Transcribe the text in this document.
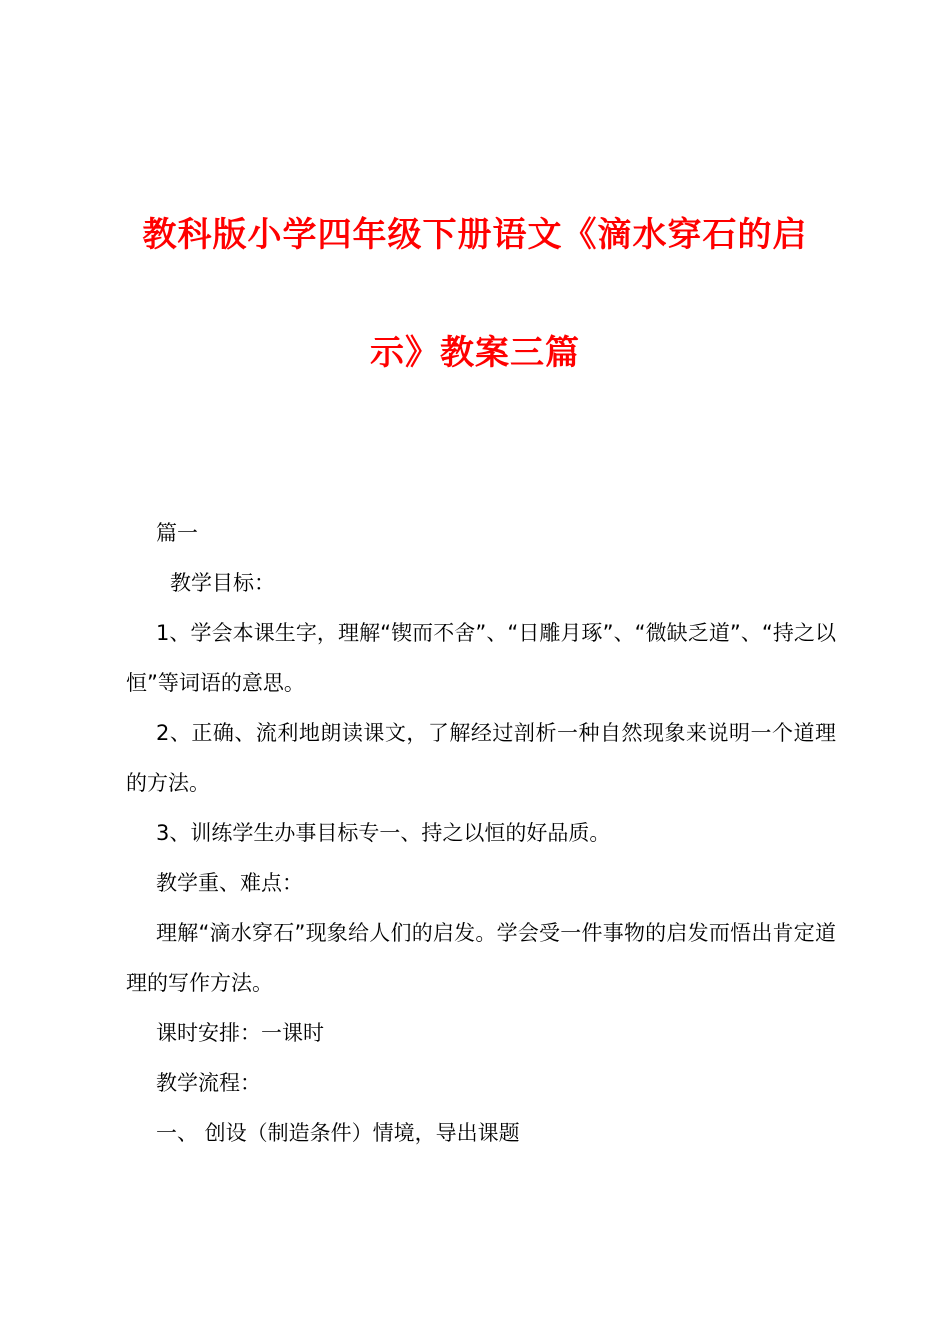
教科版小学四年级下册语文《滴水穿石的启
示》教案三篇

篇一

教学目标：

1、学会本课生字，理解“锲而不舍”、“日雕月琢”、“微缺乏道”、“持之以恒”等词语的意思。

2、正确、流利地朗读课文，了解经过剖析一种自然现象来说明一个道理的方法。

3、训练学生办事目标专一、持之以恒的好品质。

教学重、难点：

理解“滴水穿石”现象给人们的启发。学会受一件事物的启发而悟出肯定道理的写作方法。

课时安排：一课时

教学流程：

一、 创设（制造条件）情境，导出课题
